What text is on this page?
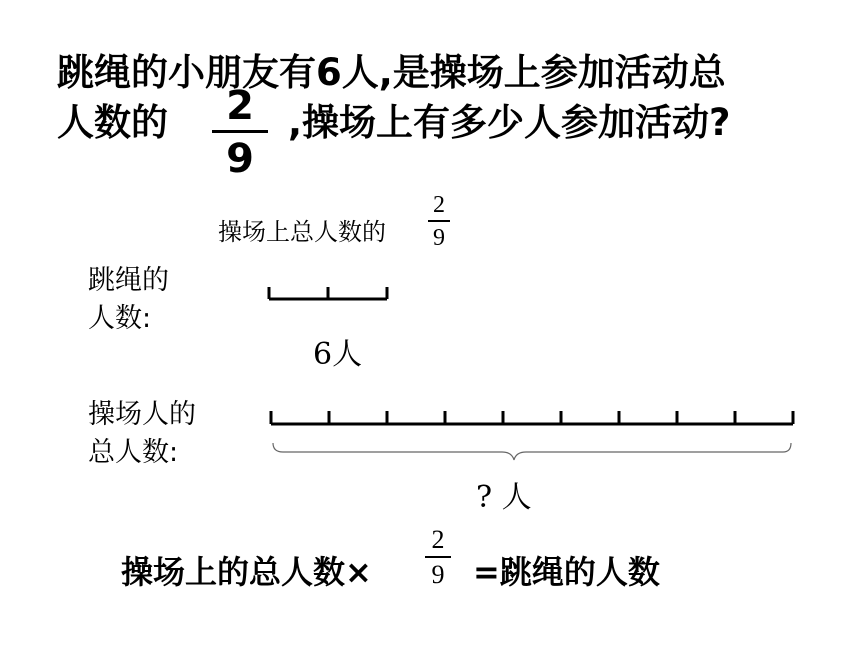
跳绳的小朋友有6人,是操场上参加活动总
人数的	2
9
,操场上有多少人参加活动?
操场上总人数的
2
9
跳绳的
人数:
6人
操场人的
总人数:
? 人
操场上的总人数×
2
9 =跳绳的人数
